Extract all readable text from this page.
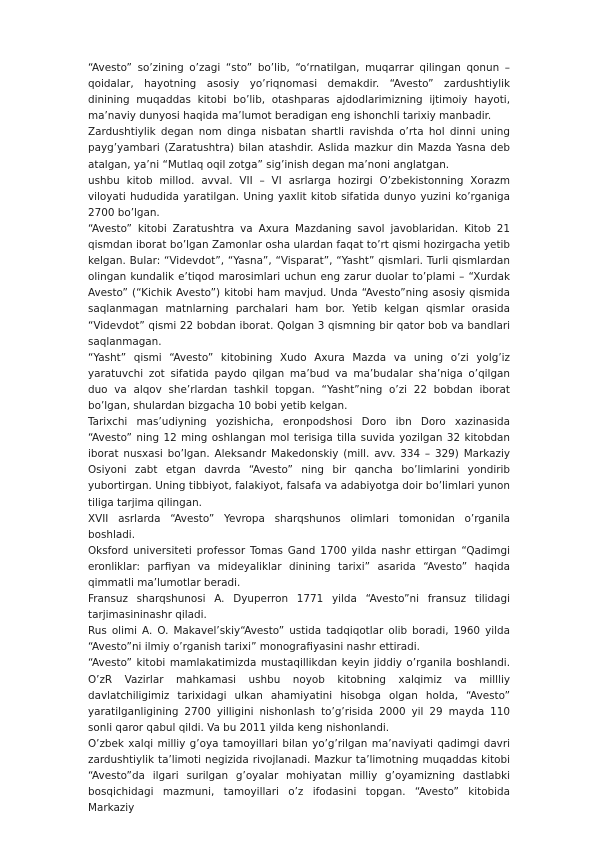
“Avesto” so’zining o’zagi “sto” bo’lib, “o‘rnatilgan, muqarrar qilingan qonun – qoidalar, hayotning asosiy yo’riqnomasi demakdir. “Avesto” zardushtiylik dinining muqaddas kitobi bo’lib, otashparas ajdodlarimizning ijtimoiy hayoti, ma’naviy dunyosi haqida ma’lumot beradigan eng ishonchli tarixiy manbadir.

Zardushtiylik degan nom dinga nisbatan shartli ravishda o’rta hol dinni uning payg’yambari (Zaratushtra) bilan atashdir. Aslida mazkur din Mazda Yasna deb atalgan, ya’ni “Mutlaq oqil zotga” sig’inish degan ma’noni anglatgan.

ushbu kitob millod. avval. VII – VI asrlarga hozirgi O’zbekistonning Xorazm viloyati hududida yaratilgan. Uning yaxlit kitob sifatida dunyo yuzini ko’rganiga 2700 bo’lgan.

“Avesto” kitobi Zaratushtra va Axura Mazdaning savol javoblaridan. Kitob 21 qismdan iborat bo’lgan Zamonlar osha ulardan faqat to’rt qismi hozirgacha yetib kelgan. Bular: “Videvdot”, “Yasna”, “Visparat”, “Yasht” qismlari. Turli qismlardan olingan kundalik e’tiqod marosimlari uchun eng zarur duolar to’plami – “Xurdak Avesto” (“Kichik Avesto”) kitobi ham mavjud. Unda “Avesto”ning asosiy qismida saqlanmagan matnlarning parchalari ham bor. Yetib kelgan qismlar orasida “Videvdot” qismi 22 bobdan iborat. Qolgan 3 qismning bir qator bob va bandlari saqlanmagan.

“Yasht” qismi “Avesto” kitobining Xudo Axura Mazda va uning o’zi yolg’iz yaratuvchi zot sifatida paydo qilgan ma’bud va ma’budalar sha’niga o’qilgan duo va alqov she’rlardan tashkil topgan. “Yasht”ning o’zi 22 bobdan iborat bo’lgan, shulardan bizgacha 10 bobi yetib kelgan.

Tarixchi mas’udiyning yozishicha, eronpodshosi Doro ibn Doro xazinasida “Avesto” ning 12 ming oshlangan mol terisiga tilla suvida yozilgan 32 kitobdan iborat nusxasi bo’lgan. Aleksandr Makedonskiy (mill. avv. 334 – 329) Markaziy Osiyoni zabt etgan davrda “Avesto” ning bir qancha bo’limlarini yondirib yubortirgan. Uning tibbiyot, falakiyot, falsafa va adabiyotga doir bo’limlari yunon tiliga tarjima qilingan.

XVII asrlarda “Avesto” Yevropa sharqshunos olimlari tomonidan o’rganila boshladi.

Oksford universiteti professor Tomas Gand 1700 yilda nashr ettirgan “Qadimgi eronliklar: parfiyan va mideyaliklar dinining tarixi” asarida “Avesto” haqida qimmatli ma’lumotlar beradi.

Fransuz sharqshunosi A. Dyuperron 1771 yilda “Avesto”ni fransuz tilidagi tarjimasininashr qiladi.

Rus olimi A. O. Makavel’skiy“Avesto” ustida tadqiqotlar olib boradi, 1960 yilda “Avesto”ni ilmiy o’rganish tarixi” monografiyasini nashr ettiradi.

“Avesto” kitobi mamlakatimizda mustaqillikdan keyin jiddiy o’rganila boshlandi. O’zR Vazirlar mahkamasi ushbu noyob kitobning xalqimiz va millliy davlatchiligimiz tarixidagi ulkan ahamiyatini hisobga olgan holda, “Avesto” yaratilganligining 2700 yilligini nishonlash to’g’risida 2000 yil 29 mayda 110 sonli qaror qabul qildi. Va bu 2011 yilda keng nishonlandi.

O’zbek xalqi milliy g’oya tamoyillari bilan yo’g’rilgan ma’naviyati qadimgi davri zardushtiylik ta’limoti negizida rivojlanadi. Mazkur ta’limotning muqaddas kitobi “Avesto”da ilgari surilgan g’oyalar mohiyatan milliy g’oyamizning dastlabki bosqichidagi mazmuni, tamoyillari o’z ifodasini topgan. “Avesto” kitobida Markaziy
